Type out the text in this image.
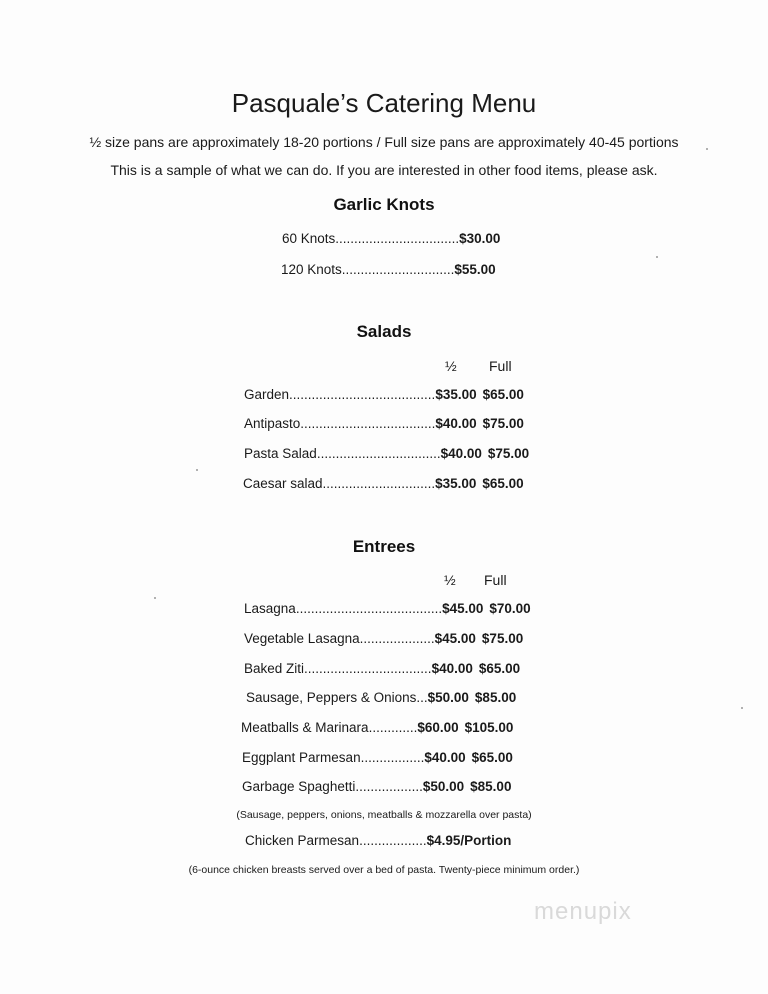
Pasquale’s Catering Menu
½ size pans are approximately 18-20 portions / Full size pans are approximately 40-45 portions
This is a sample of what we can do. If you are interested in other food items, please ask.
Garlic Knots
60 Knots.................................$30.00
120 Knots..............................$55.00
Salads
½ Full
Garden.......................................$35.00 $65.00
Antipasto....................................$40.00 $75.00
Pasta Salad.................................$40.00 $75.00
Caesar salad..............................$35.00 $65.00
Entrees
½ Full
Lasagna.......................................$45.00 $70.00
Vegetable Lasagna....................$45.00 $75.00
Baked Ziti..................................$40.00 $65.00
Sausage, Peppers & Onions...$50.00 $85.00
Meatballs & Marinara.............$60.00 $105.00
Eggplant Parmesan.................$40.00 $65.00
Garbage Spaghetti..................$50.00 $85.00
(Sausage, peppers, onions, meatballs & mozzarella over pasta)
Chicken Parmesan..................$4.95/Portion
(6-ounce chicken breasts served over a bed of pasta. Twenty-piece minimum order.)
menupix
